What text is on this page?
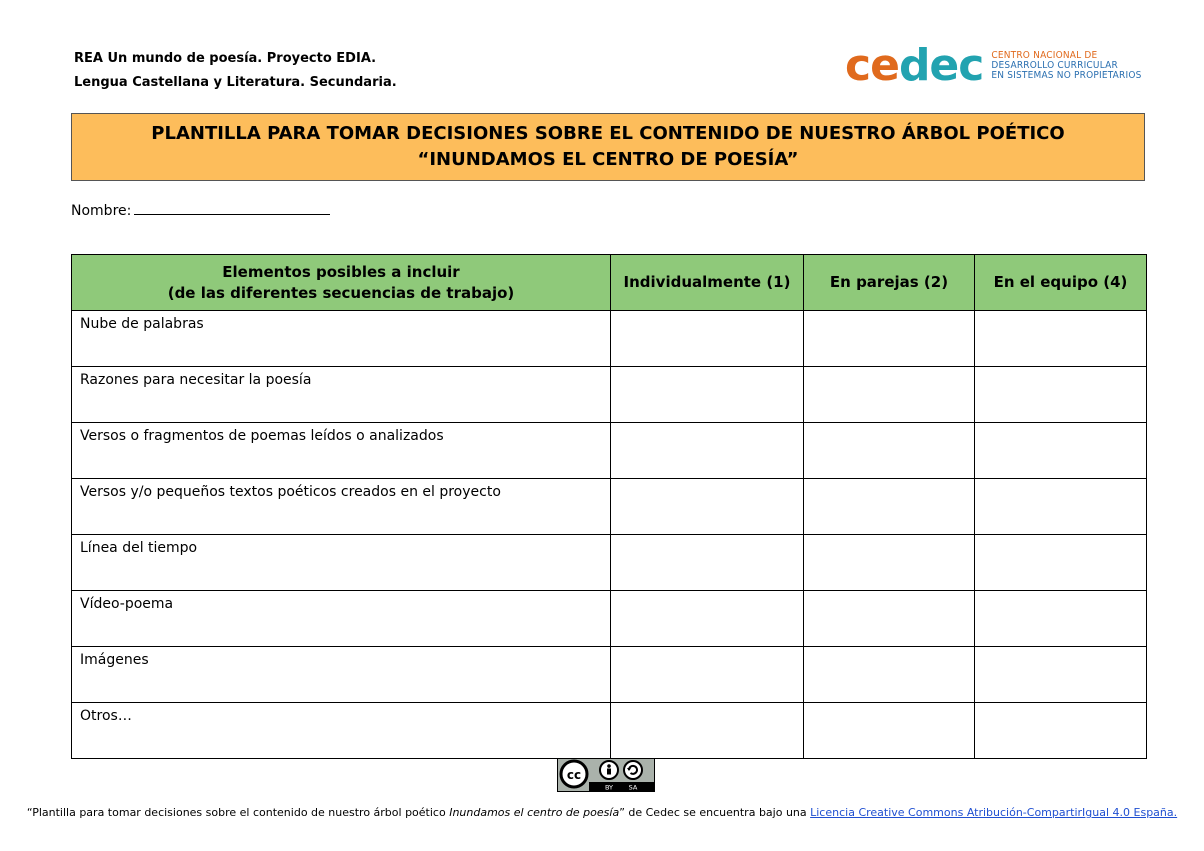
REA Un mundo de poesía. Proyecto EDIA.
Lengua Castellana y Literatura. Secundaria.	cedec CENTRO NACIONAL DE
DESARROLLO CURRICULAR
EN SISTEMAS NO PROPIETARIOS
PLANTILLA PARA TOMAR DECISIONES SOBRE EL CONTENIDO DE NUESTRO ÁRBOL POÉTICO
“INUNDAMOS EL CENTRO DE POESÍA”
Nombre:
Elementos posibles a incluir
(de las diferentes secuencias de trabajo)	Individualmente (1)	En parejas (2)	En el equipo (4)
Nube de palabras			
Razones para necesitar la poesía			
Versos o fragmentos de poemas leídos o analizados			
Versos y/o pequeños textos poéticos creados en el proyecto			
Línea del tiempo			
Vídeo-poema			
Imágenes			
Otros…			
cc
BY SA
“Plantilla para tomar decisiones sobre el contenido de nuestro árbol poético Inundamos el centro de poesía” de Cedec se encuentra bajo una Licencia Creative Commons Atribución-CompartirIgual 4.0 España.
